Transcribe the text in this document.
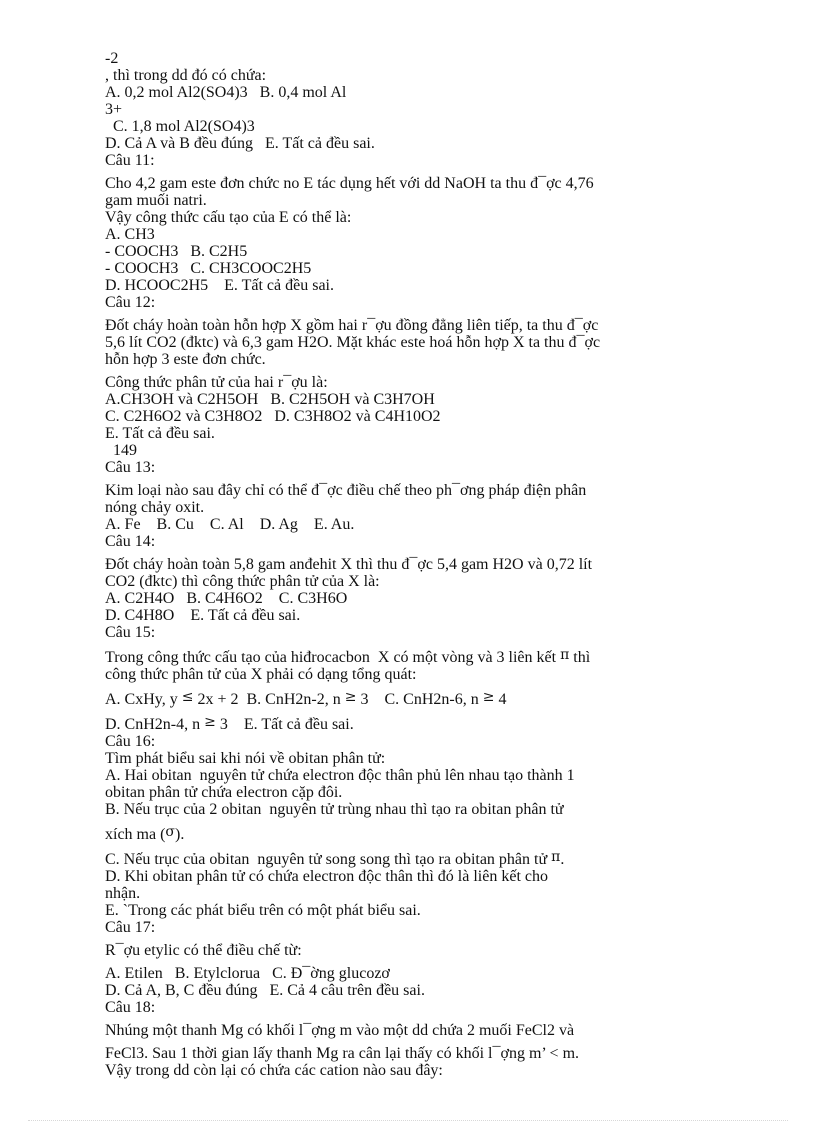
-2

, thì trong dd đó có chứa:

A. 0,2 mol Al2(SO4)3   B. 0,4 mol Al

3+

C. 1,8 mol Al2(SO4)3

D. Cả A và B đều đúng   E. Tất cả đều sai.

Câu 11:

Cho 4,2 gam este đơn chức no E tác dụng hết với dd NaOH ta thu đ¯ợc 4,76

gam muối natri.

Vậy công thức cấu tạo của E có thể là:

A. CH3

- COOCH3   B. C2H5

- COOCH3   C. CH3COOC2H5

D. HCOOC2H5    E. Tất cả đều sai.

Câu 12:

Đốt cháy hoàn toàn hỗn hợp X gồm hai r¯ợu đồng đẳng liên tiếp, ta thu đ¯ợc

5,6 lít CO2 (đktc) và 6,3 gam H2O. Mặt khác este hoá hỗn hợp X ta thu đ¯ợc

hỗn hợp 3 este đơn chức.

Công thức phân tử của hai r¯ợu là:

A.CH3OH và C2H5OH   B. C2H5OH và C3H7OH

C. C2H6O2 và C3H8O2   D. C3H8O2 và C4H10O2

E. Tất cả đều sai.

149

Câu 13:

Kim loại nào sau đây chỉ có thể đ¯ợc điều chế theo ph¯ơng pháp điện phân

nóng chảy oxit.

A. Fe    B. Cu    C. Al    D. Ag    E. Au.

Câu 14:

Đốt cháy hoàn toàn 5,8 gam anđehit X thì thu đ¯ợc 5,4 gam H2O và 0,72 lít

CO2 (đktc) thì công thức phân tử của X là:

A. C2H4O   B. C4H6O2    C. C3H6O

D. C4H8O    E. Tất cả đều sai.

Câu 15:

Trong công thức cấu tạo của hiđrocacbon  X có một vòng và 3 liên kết π thì

công thức phân tử của X phải có dạng tổng quát:

A. CxHy, y ≤ 2x + 2  B. CnH2n-2, n ≥ 3    C. CnH2n-6, n ≥ 4

D. CnH2n-4, n ≥ 3    E. Tất cả đều sai.

Câu 16:

Tìm phát biểu sai khi nói về obitan phân tử:

A. Hai obitan  nguyên tử chứa electron độc thân phủ lên nhau tạo thành 1

obitan phân tử chứa electron cặp đôi.

B. Nếu trục của 2 obitan  nguyên tử trùng nhau thì tạo ra obitan phân tử

xích ma (σ).

C. Nếu trục của obitan  nguyên tử song song thì tạo ra obitan phân tử π.

D. Khi obitan phân tử có chứa electron độc thân thì đó là liên kết cho

nhận.

E. `Trong các phát biểu trên có một phát biểu sai.

Câu 17:

R¯ợu etylic có thể điều chế từ:

A. Etilen   B. Etylclorua   C. Đ¯ờng glucozơ

D. Cả A, B, C đều đúng   E. Cả 4 câu trên đều sai.

Câu 18:

Nhúng một thanh Mg có khối l¯ợng m vào một dd chứa 2 muối FeCl2 và

FeCl3. Sau 1 thời gian lấy thanh Mg ra cân lại thấy có khối l¯ợng m’ < m.

Vậy trong dd còn lại có chứa các cation nào sau đây:
